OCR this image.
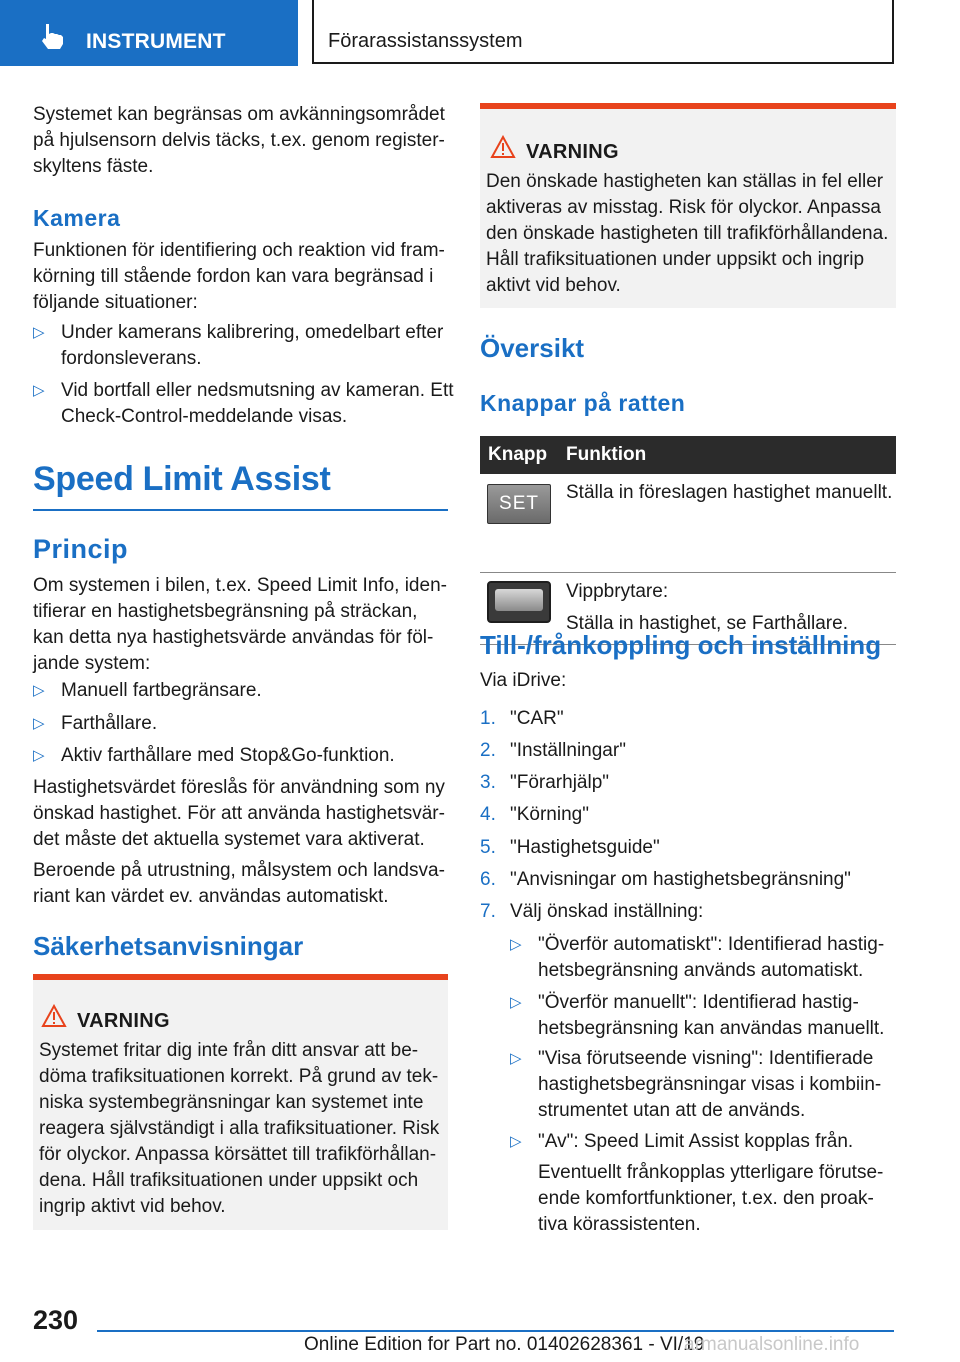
INSTRUMENT	Förarassistanssystem

Systemet kan begränsas om avkänningsområdet på hjulsensorn delvis täcks, t.ex. genom registerskyltens fäste.

Kamera

Funktionen för identifiering och reaktion vid framkörning till stående fordon kan vara begränsad i följande situationer:

▷ Under kamerans kalibrering, omedelbart efter fordonsleverans.
▷ Vid bortfall eller nedsmutsning av kameran. Ett Check-Control-meddelande visas.
Speed Limit Assist
Princip

Om systemen i bilen, t.ex. Speed Limit Info, identifierar en hastighetsbegränsning på sträckan, kan detta nya hastighetsvärde användas för följande system:

▷ Manuell fartbegränsare.
▷ Farthållare.
▷ Aktiv farthållare med Stop&Go-funktion.

Hastighetsvärdet föreslås för användning som ny önskad hastighet. För att använda hastighetsvärdet måste det aktuella systemet vara aktiverat.

Beroende på utrustning, målsystem och landsvariant kan värdet ev. användas automatiskt.

Säkerhetsanvisningar
VARNING

Systemet fritar dig inte från ditt ansvar att bedöma trafiksituationen korrekt. På grund av tekniska systembegränsningar kan systemet inte reagera självständigt i alla trafiksituationer. Risk för olyckor. Anpassa körsättet till trafikförhållandena. Håll trafiksituationen under uppsikt och ingrip aktivt vid behov.

VARNING

Den önskade hastigheten kan ställas in fel eller aktiveras av misstag. Risk för olyckor. Anpassa den önskade hastigheten till trafikförhållandena. Håll trafiksituationen under uppsikt och ingrip aktivt vid behov.

Översikt
Knappar på ratten
Knapp	Funktion

SET	Ställa in föreslagen hastighet manuellt.

	Vippbrytare:
Ställa in hastighet, se Farthållare.
Till-/frånkoppling och inställning

Via iDrive:

1. "CAR"
2. "Inställningar"
3. "Förarhjälp"
4. "Körning"
5. "Hastighetsguide"
6. "Anvisningar om hastighetsbegränsning"
7. Välj önskad inställning:
▷ "Överför automatiskt": Identifierad hastighetsbegränsning används automatiskt.
▷ "Överför manuellt": Identifierad hastighetsbegränsning kan användas manuellt.
▷ "Visa förutseende visning": Identifierade hastighetsbegränsningar visas i kombiinstrumentet utan att de används.
▷ "Av": Speed Limit Assist kopplas från.

Eventuellt frånkopplas ytterligare förutseende komfortfunktioner, t.ex. den proaktiva körassistenten.

230
Online Edition for Part no. 01402628361 - VI/19
armanualsonline.info
